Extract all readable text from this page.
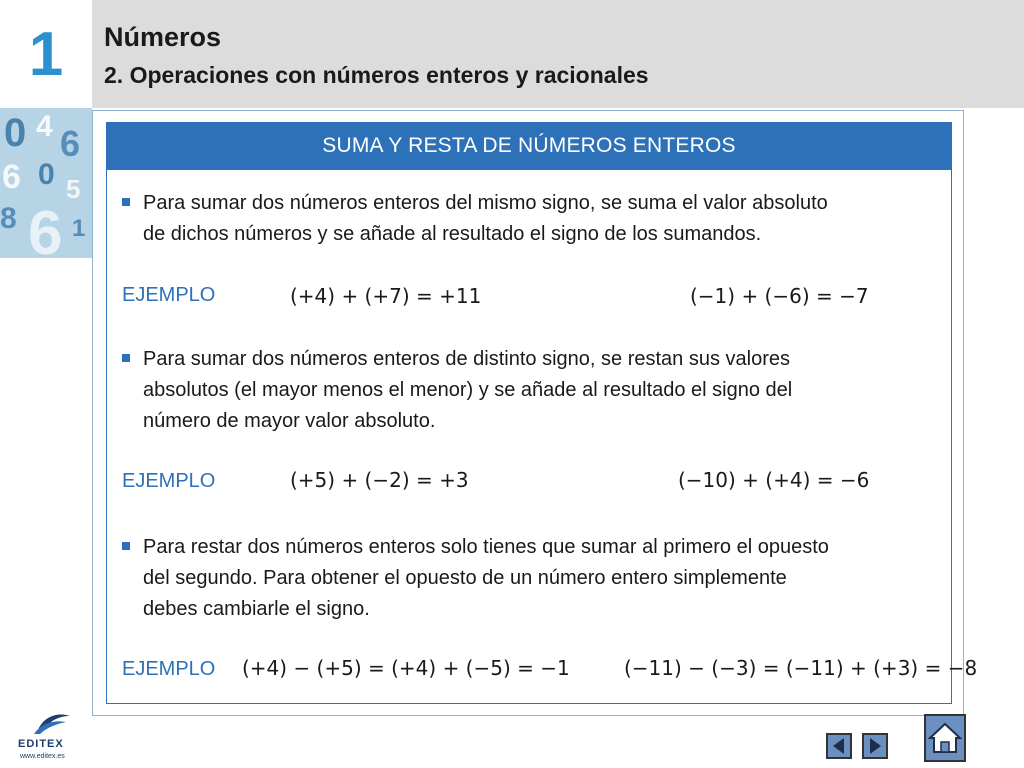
1	Números
2. Operaciones con números enteros y racionales
0 4 6
6 0 5
8 6 1
SUMA Y RESTA DE NÚMEROS ENTEROS
Para sumar dos números enteros del mismo signo, se suma el valor absoluto
de dichos números y se añade al resultado el signo de los sumandos.
EJEMPLO	(+4) + (+7) = +11	(−1) + (−6) = −7
Para sumar dos números enteros de distinto signo, se restan sus valores
absolutos (el mayor menos el menor) y se añade al resultado el signo del
número de mayor valor absoluto.
EJEMPLO	(+5) + (−2) = +3	(−10) + (+4) = −6
Para restar dos números enteros solo tienes que sumar al primero el opuesto
del segundo. Para obtener el opuesto de un número entero simplemente
debes cambiarle el signo.
EJEMPLO (+4) − (+5) = (+4) + (−5) = −1	(−11) − (−3) = (−11) + (+3) = −8
EDITEX
www.editex.es
